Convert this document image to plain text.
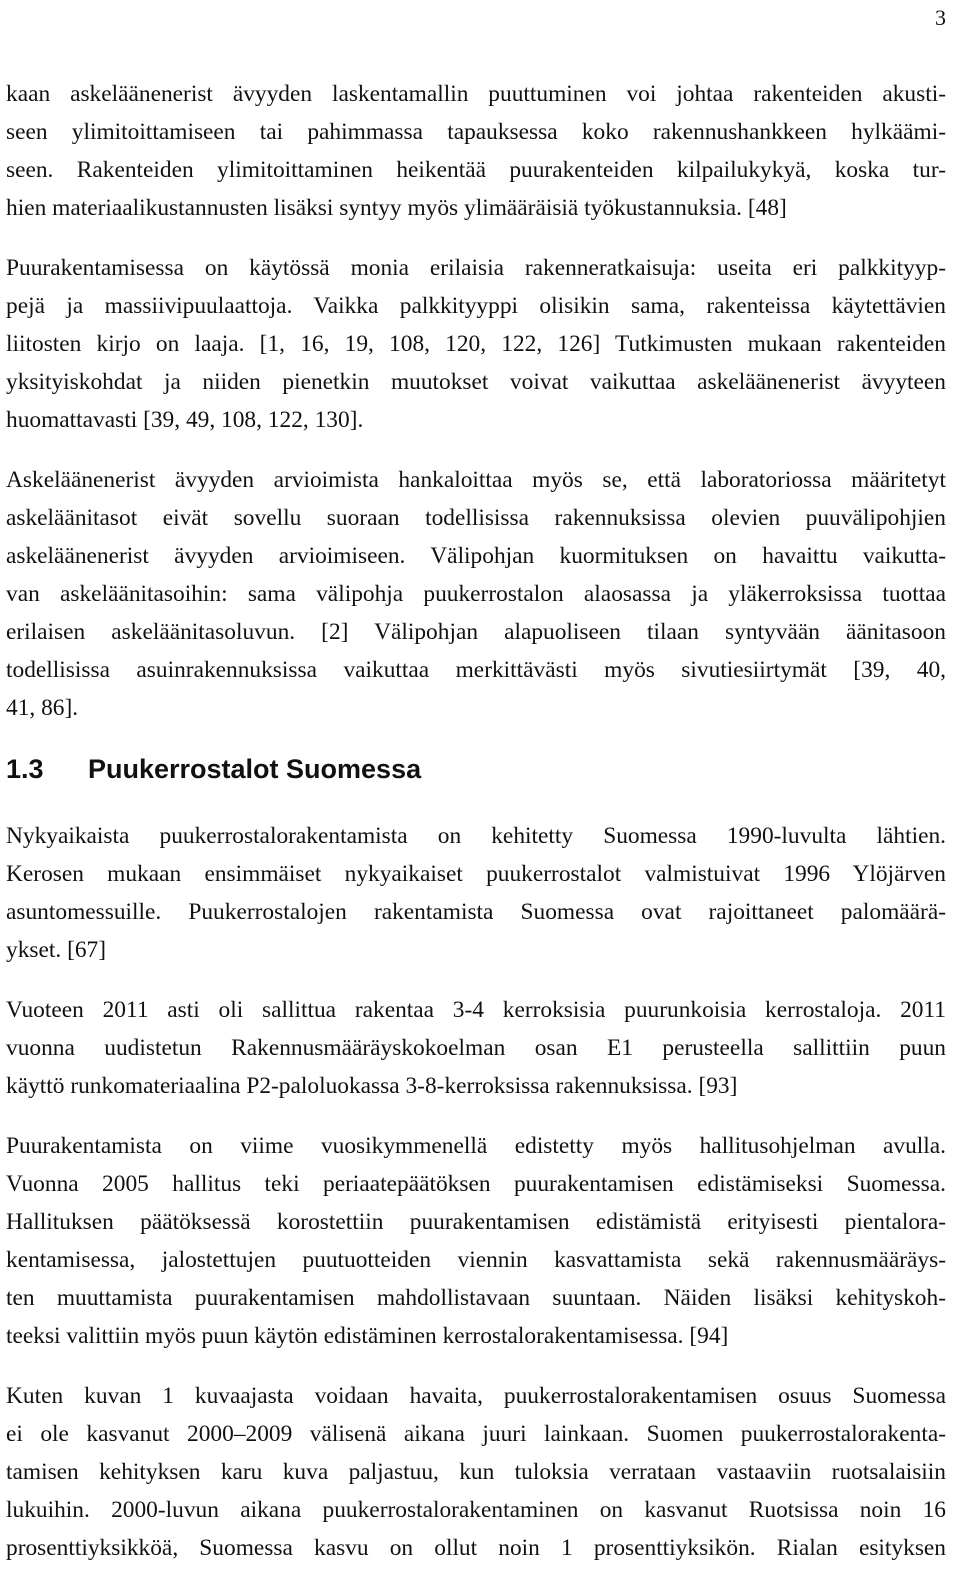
3
kaan askeläänenerist ävyyden laskentamallin puuttuminen voi johtaa rakenteiden akusti-
seen ylimitoittamiseen tai pahimmassa tapauksessa koko rakennushankkeen hylkäämi-
seen. Rakenteiden ylimitoittaminen heikentää puurakenteiden kilpailukykyä, koska tur-
hien materiaalikustannusten lisäksi syntyy myös ylimääräisiä työkustannuksia. [48]
Puurakentamisessa on käytössä monia erilaisia rakenneratkaisuja: useita eri palkkityyp-
pejä ja massiivipuulaattoja. Vaikka palkkityyppi olisikin sama, rakenteissa käytettävien
liitosten kirjo on laaja. [1, 16, 19, 108, 120, 122, 126] Tutkimusten mukaan rakenteiden
yksityiskohdat ja niiden pienetkin muutokset voivat vaikuttaa askeläänenerist ävyyteen
huomattavasti [39, 49, 108, 122, 130].
Askeläänenerist ävyyden arvioimista hankaloittaa myös se, että laboratoriossa määritetyt
askeläänitasot eivät sovellu suoraan todellisissa rakennuksissa olevien puuvälipohjien
askeläänenerist ävyyden arvioimiseen. Välipohjan kuormituksen on havaittu vaikutta-
van askeläänitasoihin: sama välipohja puukerrostalon alaosassa ja yläkerroksissa tuottaa
erilaisen askeläänitasoluvun. [2] Välipohjan alapuoliseen tilaan syntyvään äänitasoon
todellisissa asuinrakennuksissa vaikuttaa merkittävästi myös sivutiesiirtymät [39, 40,
41, 86].
1.3 Puukerrostalot Suomessa
Nykyaikaista puukerrostalorakentamista on kehitetty Suomessa 1990-luvulta lähtien.
Kerosen mukaan ensimmäiset nykyaikaiset puukerrostalot valmistuivat 1996 Ylöjärven
asuntomessuille. Puukerrostalojen rakentamista Suomessa ovat rajoittaneet palomäärä-
ykset. [67]
Vuoteen 2011 asti oli sallittua rakentaa 3-4 kerroksisia puurunkoisia kerrostaloja. 2011
vuonna uudistetun Rakennusmääräyskokoelman osan E1 perusteella sallittiin puun
käyttö runkomateriaalina P2-paloluokassa 3-8-kerroksissa rakennuksissa. [93]
Puurakentamista on viime vuosikymmenellä edistetty myös hallitusohjelman avulla.
Vuonna 2005 hallitus teki periaatepäätöksen puurakentamisen edistämiseksi Suomessa.
Hallituksen päätöksessä korostettiin puurakentamisen edistämistä erityisesti pientalora-
kentamisessa, jalostettujen puutuotteiden viennin kasvattamista sekä rakennusmääräys-
ten muuttamista puurakentamisen mahdollistavaan suuntaan. Näiden lisäksi kehityskoh-
teeksi valittiin myös puun käytön edistäminen kerrostalorakentamisessa. [94]
Kuten kuvan 1 kuvaajasta voidaan havaita, puukerrostalorakentamisen osuus Suomessa
ei ole kasvanut 2000–2009 välisenä aikana juuri lainkaan. Suomen puukerrostalorakenta-
tamisen kehityksen karu kuva paljastuu, kun tuloksia verrataan vastaaviin ruotsalaisiin
lukuihin. 2000-luvun aikana puukerrostalorakentaminen on kasvanut Ruotsissa noin 16
prosenttiyksikköä, Suomessa kasvu on ollut noin 1 prosenttiyksikön. Rialan esityksen
